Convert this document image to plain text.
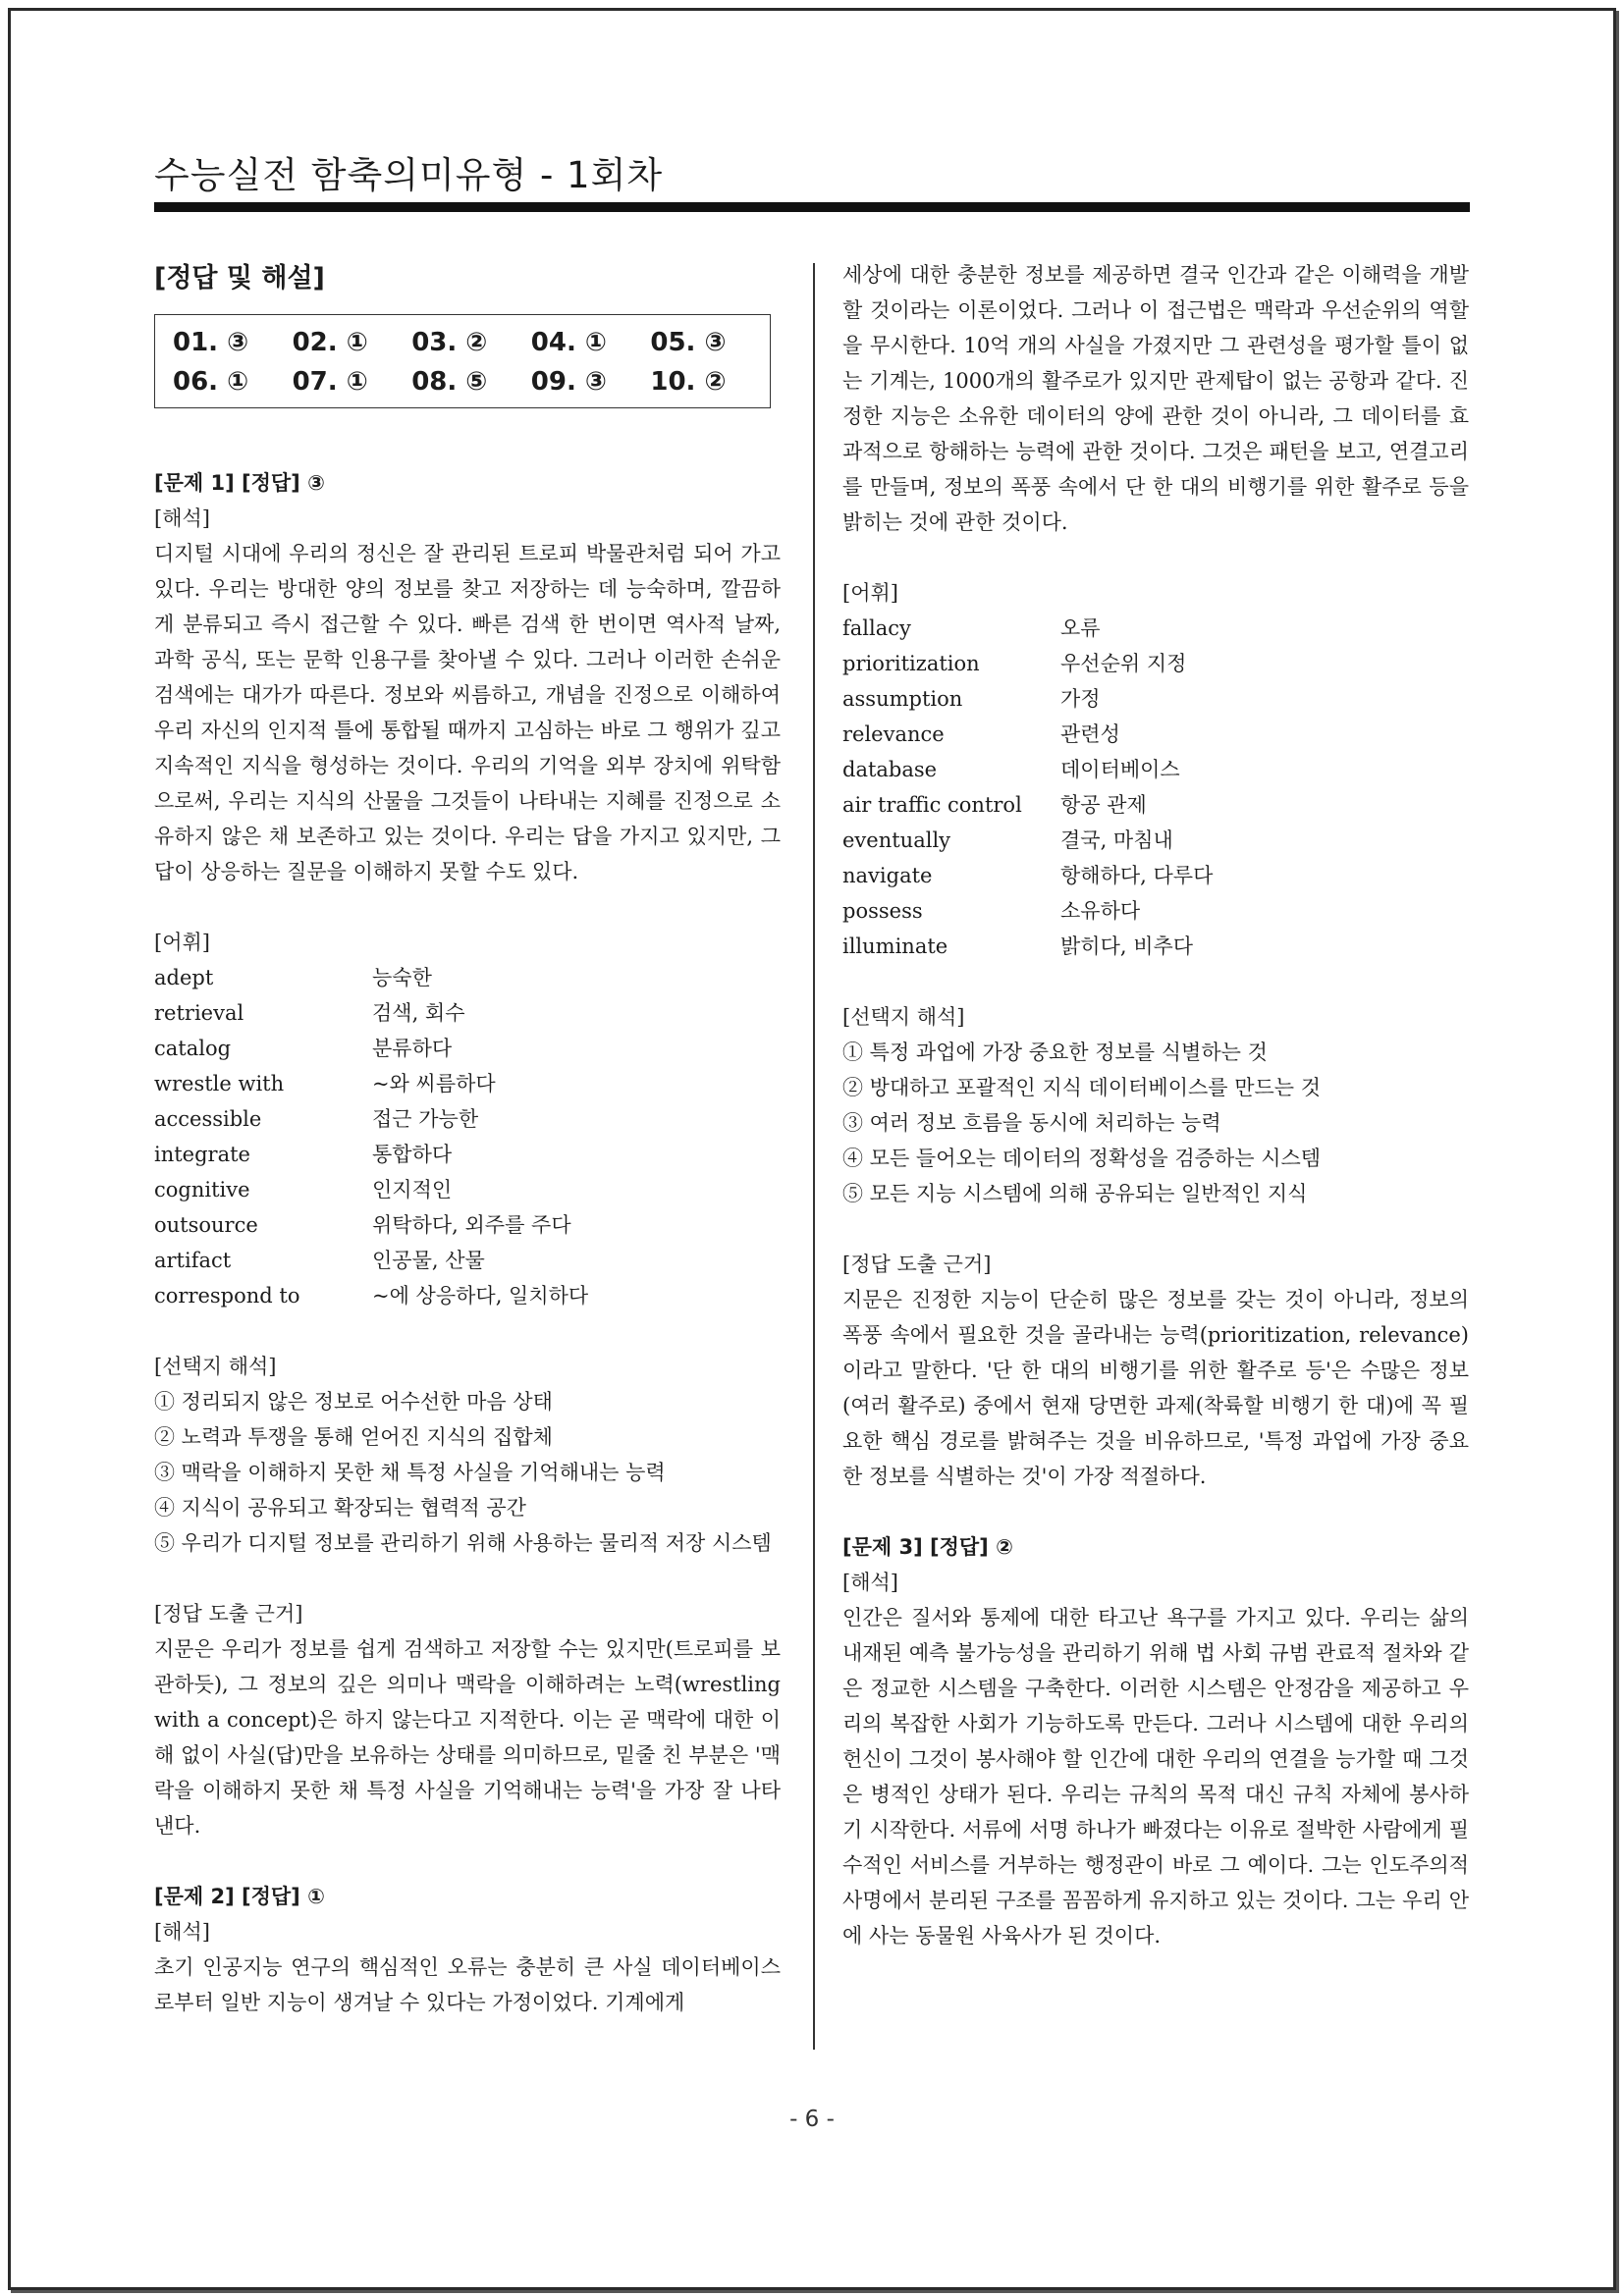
수능실전 함축의미유형 - 1회차
[정답 및 해설]
01. ③	02. ①	03. ②	04. ①	05. ③
06. ①	07. ①	08. ⑤	09. ③	10. ②
[문제 1] [정답] ③
[해석]

디지털 시대에 우리의 정신은 잘 관리된 트로피 박물관처럼 되어 가고 있다. 우리는 방대한 양의 정보를 찾고 저장하는 데 능숙하며, 깔끔하게 분류되고 즉시 접근할 수 있다. 빠른 검색 한 번이면 역사적 날짜, 과학 공식, 또는 문학 인용구를 찾아낼 수 있다. 그러나 이러한 손쉬운 검색에는 대가가 따른다. 정보와 씨름하고, 개념을 진정으로 이해하여 우리 자신의 인지적 틀에 통합될 때까지 고심하는 바로 그 행위가 깊고 지속적인 지식을 형성하는 것이다. 우리의 기억을 외부 장치에 위탁함으로써, 우리는 지식의 산물을 그것들이 나타내는 지혜를 진정으로 소유하지 않은 채 보존하고 있는 것이다. 우리는 답을 가지고 있지만, 그 답이 상응하는 질문을 이해하지 못할 수도 있다.

[어휘]
adept	능숙한
retrieval	검색, 회수
catalog	분류하다
wrestle with	~와 씨름하다
accessible	접근 가능한
integrate	통합하다
cognitive	인지적인
outsource	위탁하다, 외주를 주다
artifact	인공물, 산물
correspond to	~에 상응하다, 일치하다
[선택지 해석]

① 정리되지 않은 정보로 어수선한 마음 상태

② 노력과 투쟁을 통해 얻어진 지식의 집합체

③ 맥락을 이해하지 못한 채 특정 사실을 기억해내는 능력

④ 지식이 공유되고 확장되는 협력적 공간

⑤ 우리가 디지털 정보를 관리하기 위해 사용하는 물리적 저장 시스템

[정답 도출 근거]

지문은 우리가 정보를 쉽게 검색하고 저장할 수는 있지만(트로피를 보관하듯), 그 정보의 깊은 의미나 맥락을 이해하려는 노력(wrestling with a concept)은 하지 않는다고 지적한다. 이는 곧 맥락에 대한 이해 없이 사실(답)만을 보유하는 상태를 의미하므로, 밑줄 친 부분은 '맥락을 이해하지 못한 채 특정 사실을 기억해내는 능력'을 가장 잘 나타낸다.

[문제 2] [정답] ①
[해석]

초기 인공지능 연구의 핵심적인 오류는 충분히 큰 사실 데이터베이스로부터 일반 지능이 생겨날 수 있다는 가정이었다. 기계에게

세상에 대한 충분한 정보를 제공하면 결국 인간과 같은 이해력을 개발할 것이라는 이론이었다. 그러나 이 접근법은 맥락과 우선순위의 역할을 무시한다. 10억 개의 사실을 가졌지만 그 관련성을 평가할 틀이 없는 기계는, 1000개의 활주로가 있지만 관제탑이 없는 공항과 같다. 진정한 지능은 소유한 데이터의 양에 관한 것이 아니라, 그 데이터를 효과적으로 항해하는 능력에 관한 것이다. 그것은 패턴을 보고, 연결고리를 만들며, 정보의 폭풍 속에서 단 한 대의 비행기를 위한 활주로 등을 밝히는 것에 관한 것이다.

[어휘]
fallacy	오류
prioritization	우선순위 지정
assumption	가정
relevance	관련성
database	데이터베이스
air traffic control	항공 관제
eventually	결국, 마침내
navigate	항해하다, 다루다
possess	소유하다
illuminate	밝히다, 비추다
[선택지 해석]

① 특정 과업에 가장 중요한 정보를 식별하는 것

② 방대하고 포괄적인 지식 데이터베이스를 만드는 것

③ 여러 정보 흐름을 동시에 처리하는 능력

④ 모든 들어오는 데이터의 정확성을 검증하는 시스템

⑤ 모든 지능 시스템에 의해 공유되는 일반적인 지식

[정답 도출 근거]

지문은 진정한 지능이 단순히 많은 정보를 갖는 것이 아니라, 정보의 폭풍 속에서 필요한 것을 골라내는 능력(prioritization, relevance)이라고 말한다. '단 한 대의 비행기를 위한 활주로 등'은 수많은 정보(여러 활주로) 중에서 현재 당면한 과제(착륙할 비행기 한 대)에 꼭 필요한 핵심 경로를 밝혀주는 것을 비유하므로, '특정 과업에 가장 중요한 정보를 식별하는 것'이 가장 적절하다.

[문제 3] [정답] ②
[해석]

인간은 질서와 통제에 대한 타고난 욕구를 가지고 있다. 우리는 삶의 내재된 예측 불가능성을 관리하기 위해 법 사회 규범 관료적 절차와 같은 정교한 시스템을 구축한다. 이러한 시스템은 안정감을 제공하고 우리의 복잡한 사회가 기능하도록 만든다. 그러나 시스템에 대한 우리의 헌신이 그것이 봉사해야 할 인간에 대한 우리의 연결을 능가할 때 그것은 병적인 상태가 된다. 우리는 규칙의 목적 대신 규칙 자체에 봉사하기 시작한다. 서류에 서명 하나가 빠졌다는 이유로 절박한 사람에게 필수적인 서비스를 거부하는 행정관이 바로 그 예이다. 그는 인도주의적 사명에서 분리된 구조를 꼼꼼하게 유지하고 있는 것이다. 그는 우리 안에 사는 동물원 사육사가 된 것이다.

- 6 -
